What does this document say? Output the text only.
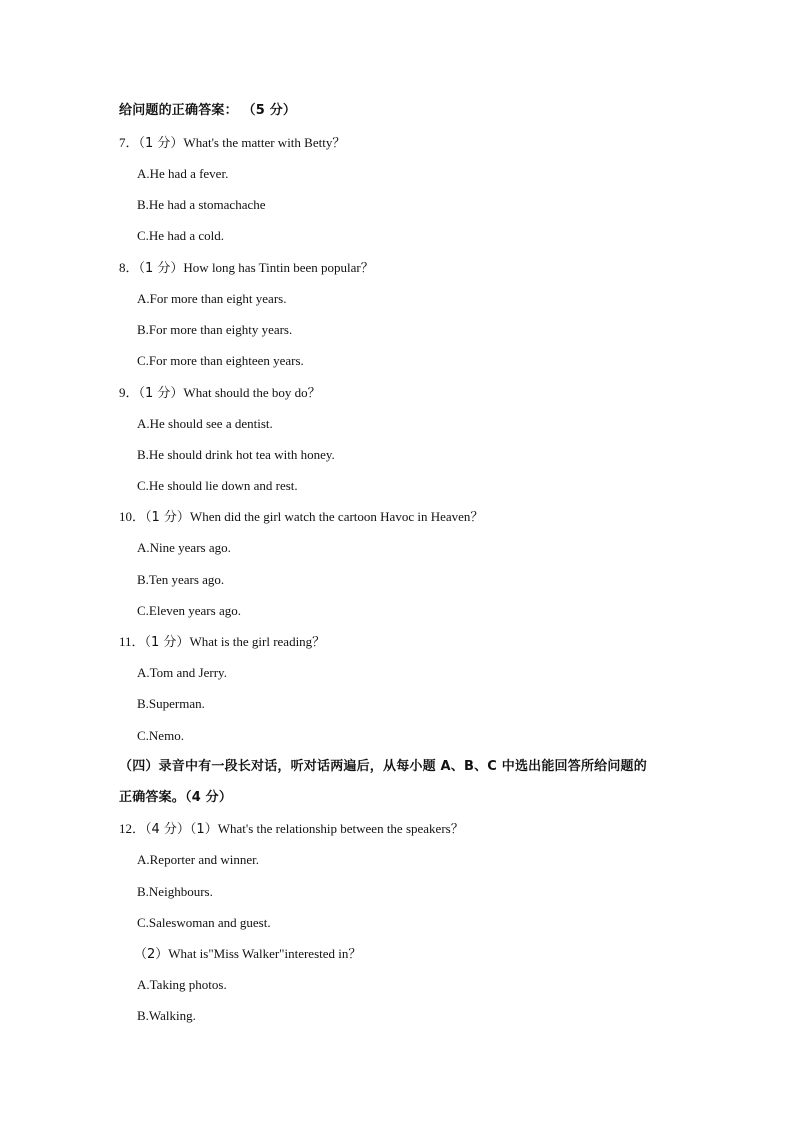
给问题的正确答案： （5 分）
7．（1 分）What's the matter with Betty？
A.He had a fever.
B.He had a stomachache
C.He had a cold.
8．（1 分）How long has Tintin been popular？
A.For more than eight years.
B.For more than eighty years.
C.For more than eighteen years.
9．（1 分）What should the boy do？
A.He should see a dentist.
B.He should drink hot tea with honey.
C.He should lie down and rest.
10．（1 分）When did the girl watch the cartoon Havoc in Heaven？
A.Nine years ago.
B.Ten years ago.
C.Eleven years ago.
11．（1 分）What is the girl reading？
A.Tom and Jerry.
B.Superman.
C.Nemo.
（四）录音中有一段长对话，听对话两遍后，从每小题 A、B、C 中选出能回答所给问题的
正确答案。（4 分）
12．（4 分）（1）What's the relationship between the speakers？
A.Reporter and winner.
B.Neighbours.
C.Saleswoman and guest.
（2）What is"Miss Walker"interested in？
A.Taking photos.
B.Walking.
